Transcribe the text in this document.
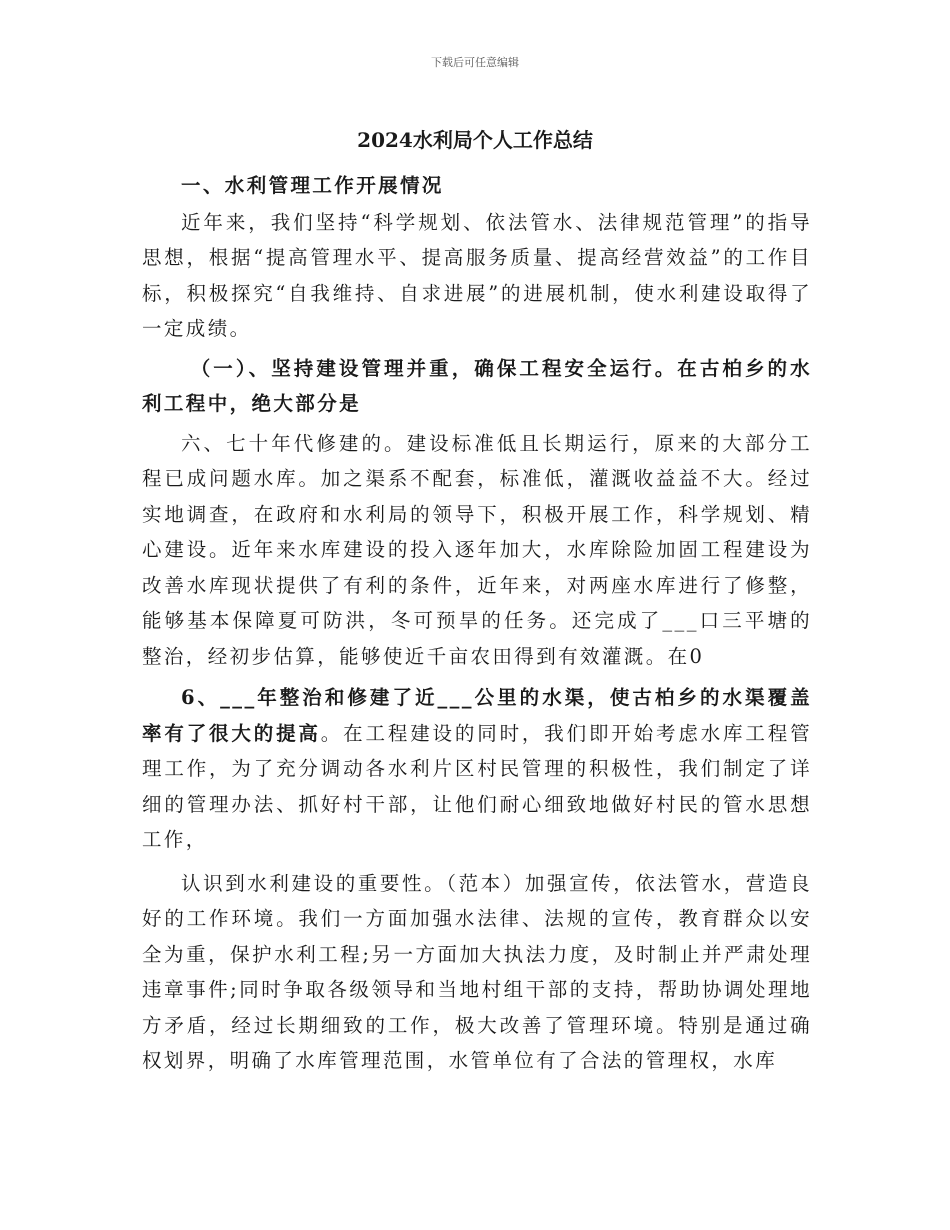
下载后可任意编辑
2024水利局个人工作总结

一、水利管理工作开展情况

近年来，我们坚持“科学规划、依法管水、法律规范管理”的指导思想，根据“提高管理水平、提高服务质量、提高经营效益”的工作目标，积极探究“自我维持、自求进展”的进展机制，使水利建设取得了一定成绩。

（一）、坚持建设管理并重，确保工程安全运行。在古柏乡的水利工程中，绝大部分是

六、七十年代修建的。建设标准低且长期运行，原来的大部分工程已成问题水库。加之渠系不配套，标准低，灌溉收益益不大。经过实地调查，在政府和水利局的领导下，积极开展工作，科学规划、精心建设。近年来水库建设的投入逐年加大，水库除险加固工程建设为改善水库现状提供了有利的条件，近年来，对两座水库进行了修整，能够基本保障夏可防洪，冬可预旱的任务。还完成了___口三平塘的整治，经初步估算，能够使近千亩农田得到有效灌溉。在0

6、___年整治和修建了近___公里的水渠，使古柏乡的水渠覆盖率有了很大的提高。在工程建设的同时，我们即开始考虑水库工程管理工作，为了充分调动各水利片区村民管理的积极性，我们制定了详细的管理办法、抓好村干部，让他们耐心细致地做好村民的管水思想工作，

认识到水利建设的重要性。（范本）加强宣传，依法管水，营造良好的工作环境。我们一方面加强水法律、法规的宣传，教育群众以安全为重，保护水利工程;另一方面加大执法力度，及时制止并严肃处理违章事件;同时争取各级领导和当地村组干部的支持，帮助协调处理地方矛盾，经过长期细致的工作，极大改善了管理环境。特别是通过确权划界，明确了水库管理范围，水管单位有了合法的管理权，水库
